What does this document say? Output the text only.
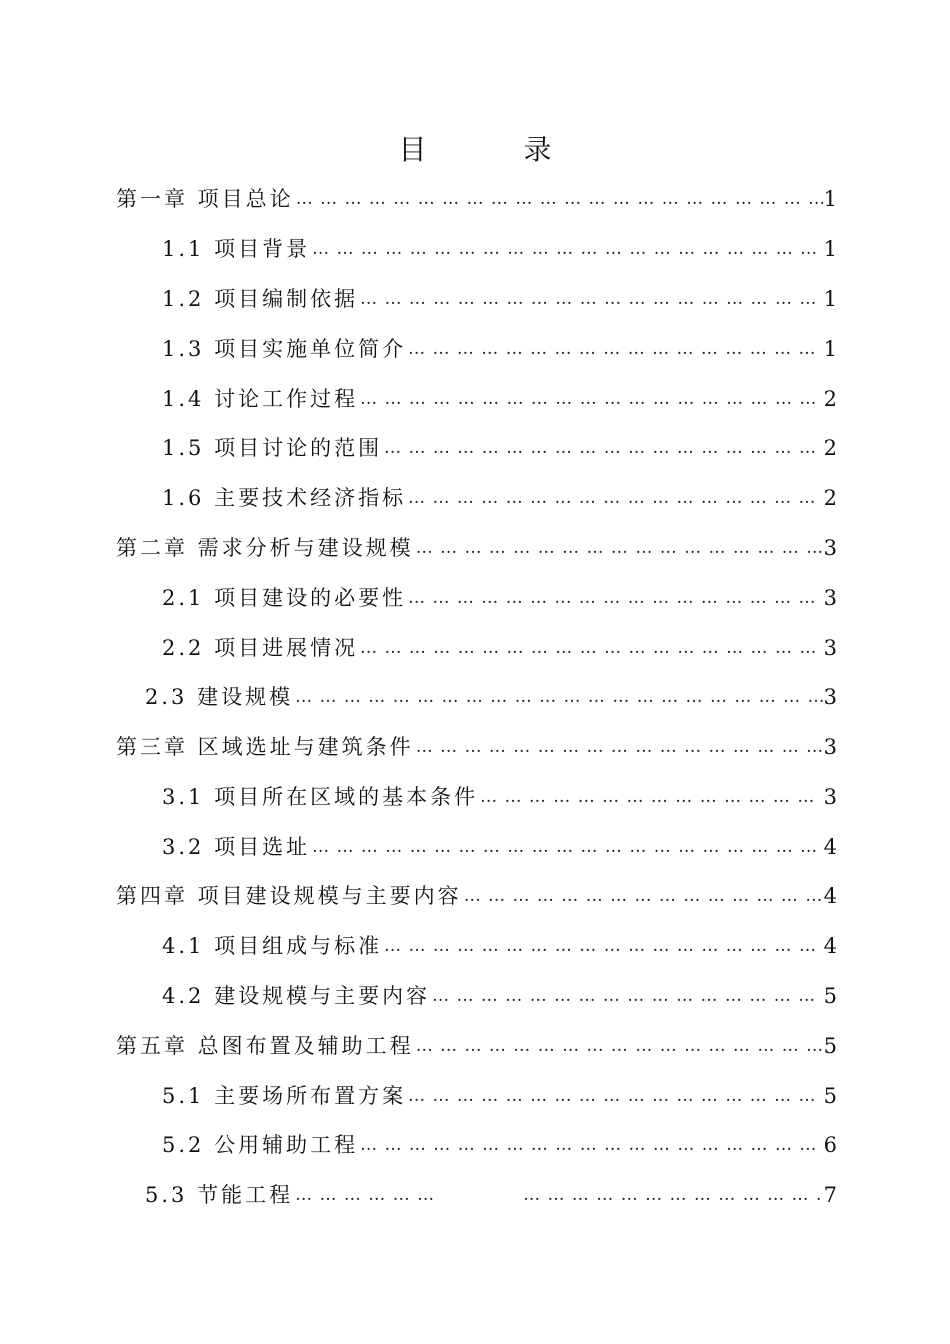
目 录
第一章 项目总论 … … … … … … … … … … … … … … … … … … … … … … … … … … … … … … … … … … … … … … … … … … … … …	1
1.1 项目背景 … … … … … … … … … … … … … … … … … … … … … … … … … … … … … … … … … … … … … … … … … … … … …	1
1.2 项目编制依据 … … … … … … … … … … … … … … … … … … … … … … … … … … … … … … … … … … … … … … … … … … … … …	1
1.3 项目实施单位简介 … … … … … … … … … … … … … … … … … … … … … … … … … … … … … … … … … … … … … … … … … … … … …	1
1.4 讨论工作过程 … … … … … … … … … … … … … … … … … … … … … … … … … … … … … … … … … … … … … … … … … … … … …	2
1.5 项目讨论的范围 … … … … … … … … … … … … … … … … … … … … … … … … … … … … … … … … … … … … … … … … … … … … …	2
1.6 主要技术经济指标 … … … … … … … … … … … … … … … … … … … … … … … … … … … … … … … … … … … … … … … … … … … … …	2
第二章 需求分析与建设规模 … … … … … … … … … … … … … … … … … … … … … … … … … … … … … … … … … … … … … … … … … … … … …	3
2.1 项目建设的必要性 … … … … … … … … … … … … … … … … … … … … … … … … … … … … … … … … … … … … … … … … … … … … …	3
2.2 项目进展情况 … … … … … … … … … … … … … … … … … … … … … … … … … … … … … … … … … … … … … … … … … … … … …	3
2.3 建设规模 … … … … … … … … … … … … … … … … … … … … … … … … … … … … … … … … … … … … … … … … … … … … …	3
第三章 区域选址与建筑条件 … … … … … … … … … … … … … … … … … … … … … … … … … … … … … … … … … … … … … … … … … … … … …	3
3.1 项目所在区域的基本条件 … … … … … … … … … … … … … … … … … … … … … … … … … … … … … … … … … … … … … … … … … … … … …	3
3.2 项目选址 … … … … … … … … … … … … … … … … … … … … … … … … … … … … … … … … … … … … … … … … … … … … …	4
第四章 项目建设规模与主要内容 … … … … … … … … … … … … … … … … … … … … … … … … … … … … … … … … … … … … … … … … … … … … …	4
4.1 项目组成与标准 … … … … … … … … … … … … … … … … … … … … … … … … … … … … … … … … … … … … … … … … … … … … …	4
4.2 建设规模与主要内容 … … … … … … … … … … … … … … … … … … … … … … … … … … … … … … … … … … … … … … … … … … … … …	5
第五章 总图布置及辅助工程 … … … … … … … … … … … … … … … … … … … … … … … … … … … … … … … … … … … … … … … … … … … … …	5
5.1 主要场所布置方案 … … … … … … … … … … … … … … … … … … … … … … … … … … … … … … … … … … … … … … … … … … … … …	5
5.2 公用辅助工程 … … … … … … … … … … … … … … … … … … … … … … … … … … … … … … … … … … … … … … … … … … … … …	6
5.3 节能工程 … … … … … … … … … … … … … … … … … … … … … … … … … … … … … … … … … … … … … … … … … … … … … … … … … … … … … … … … … … … … … … … … … … … … … … … … … … … … … … … … … … … … … … … … … …	7
